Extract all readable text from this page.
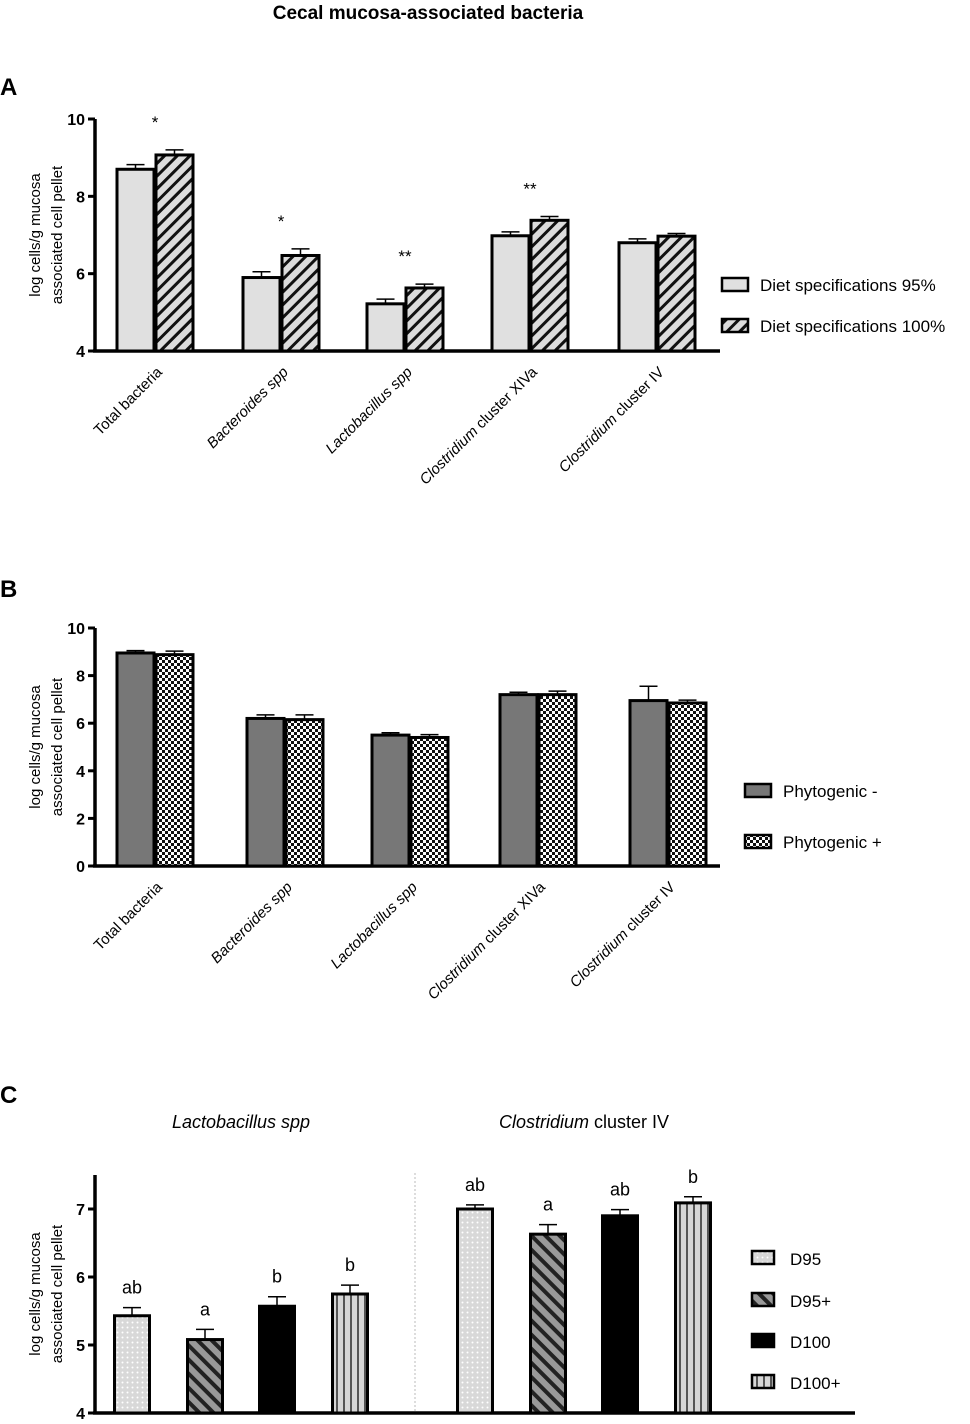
Cecal mucosa-associated bacteria
A
log cells/g mucosa associated cell pellet
4
6
8
10	*
Total bacteria
*
Bacteroides spp
**
Lactobacillus spp
**
Clostridium cluster XIVa
Clostridium cluster IV
Diet specifications 95%
Diet specifications 100%
B
log cells/g mucosa associated cell pellet
0
2
4
6
8
10
Total bacteria	Bacteroides spp Lactobacillus spp Clostridium cluster XIVa
Clostridium cluster IV
Phytogenic -
Phytogenic +
C
log cells/g mucosa associated cell pellet
4
5
6
7
ab
a
b
b
Lactobacillus spp
ab
a
ab
b
Clostridium cluster IV
D95
D95+
D100
D100+
